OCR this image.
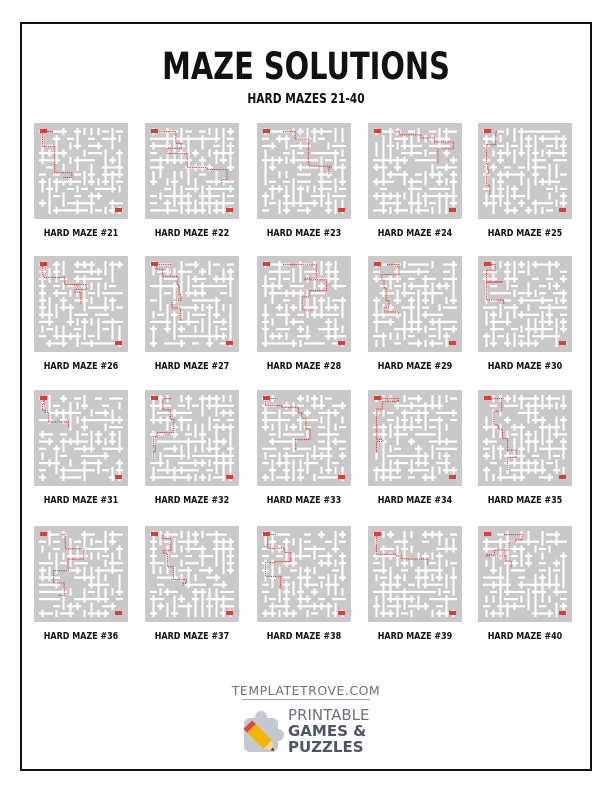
MAZE SOLUTIONS
HARD MAZES 21-40
HARD MAZE #21	HARD MAZE #22	HARD MAZE #23	HARD MAZE #24	HARD MAZE #25
HARD MAZE #26	HARD MAZE #27	HARD MAZE #28	HARD MAZE #29	HARD MAZE #30
HARD MAZE #31	HARD MAZE #32	HARD MAZE #33	HARD MAZE #34	HARD MAZE #35
HARD MAZE #36	HARD MAZE #37	HARD MAZE #38	HARD MAZE #39	HARD MAZE #40
TEMPLATETROVE.COM
PRINTABLE
GAMES &
PUZZLES
